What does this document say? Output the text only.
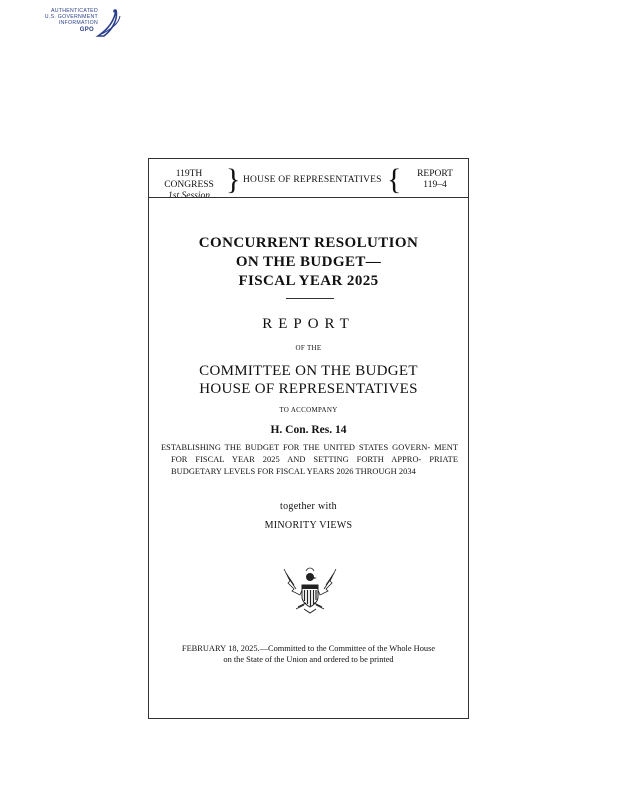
AUTHENTICATED
U.S. GOVERNMENT
INFORMATION
GPO
119TH CONGRESS
1st Session } HOUSE OF REPRESENTATIVES {	REPORT
119–4
CONCURRENT RESOLUTION
ON THE BUDGET—
FISCAL YEAR 2025
REPORT
OF THE
COMMITTEE ON THE BUDGET
HOUSE OF REPRESENTATIVES
TO ACCOMPANY
H. Con. Res. 14
ESTABLISHING THE BUDGET FOR THE UNITED STATES GOVERN- MENT FOR FISCAL YEAR 2025 AND SETTING FORTH APPRO- PRIATE BUDGETARY LEVELS FOR FISCAL YEARS 2026 THROUGH 2034
together with
MINORITY VIEWS
FEBRUARY 18, 2025.—Committed to the Committee of the Whole House
on the State of the Union and ordered to be printed
